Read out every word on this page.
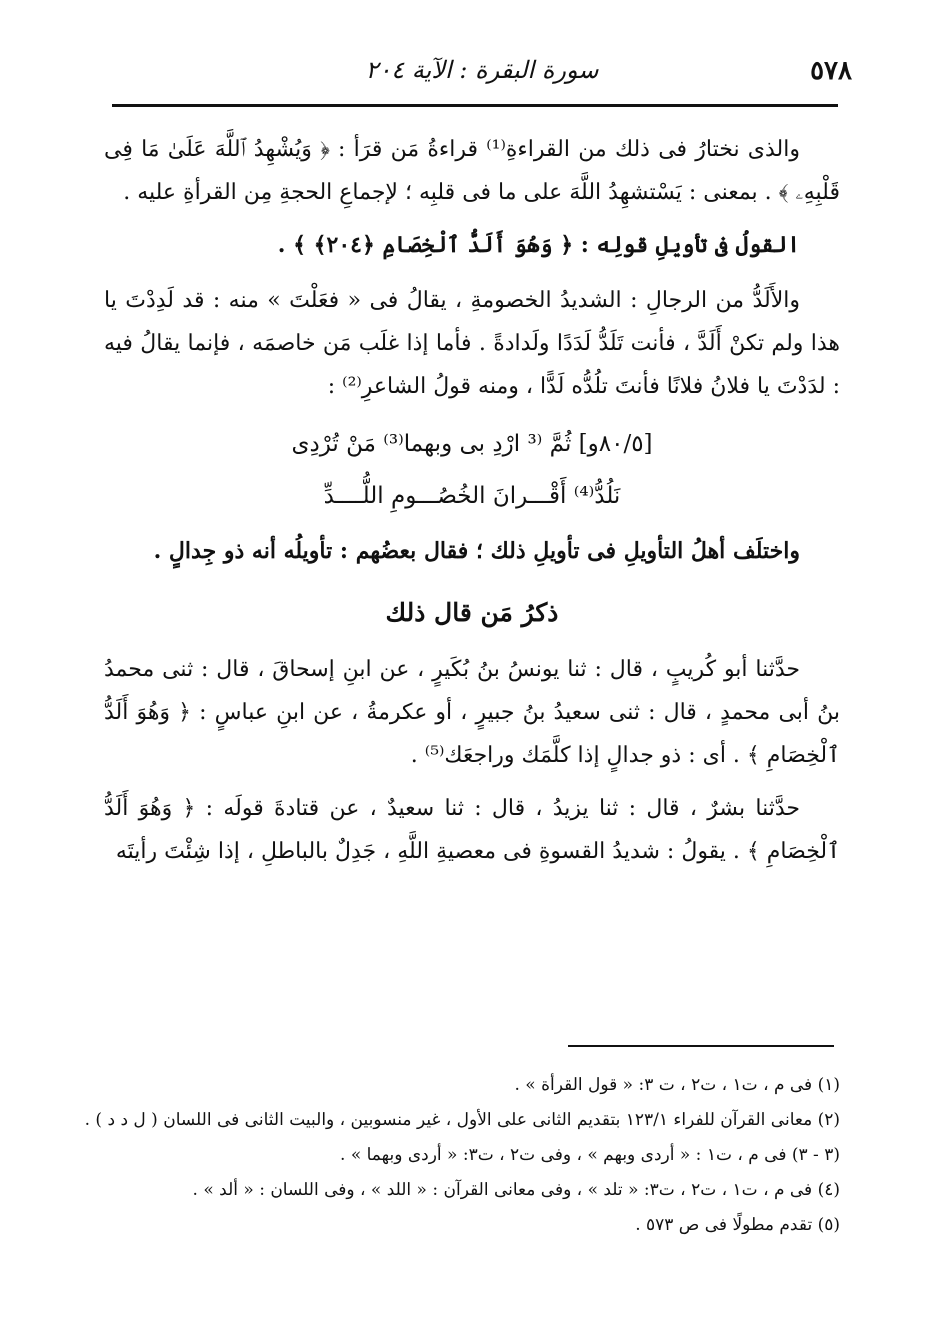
٥٧٨
سورة البقرة : الآية ٢٠٤

والذى نختارُ فى ذلك من القراءةِ⁽¹⁾ قراءةُ مَن قرَأ : ﴿ وَيُشْهِدُ ٱللَّهَ عَلَىٰ مَا فِى قَلْبِهِۦ ﴾ . بمعنى : يَسْتشهِدُ اللَّهَ على ما فى قلبِه ؛ لإجماعِ الحجةِ مِن القرأةِ عليه .

القولُ فى تأويلِ قولِه : ﴿ وَهُوَ أَلَدُّ ٱلْخِصَامِ ﴿٢٠٤﴾ ﴾ .

والأَلَدُّ من الرجالِ : الشديدُ الخصومةِ ، يقالُ فى « فعَلْتَ » منه : قد لَدِدْتَ يا هذا ولم تكنْ أَلَدَّ ، فأنت تَلَدُّ لَدَدًا ولَدادةً . فأما إذا غلَب مَن خاصمَه ، فإنما يقالُ فيه : لدَدْتَ يا فلانُ فلانًا فأنتَ تلُدُّه لَدًّا ، ومنه قولُ الشاعرِ⁽²⁾ :

[٨٠/٥و] ثُمَّ ⁽³ ارْدِ بى وبهما⁽³⁾ مَنْ تُرْدِى
نَلُدُّ⁽⁴⁾ أَقْـــرانَ الخُصُـــومِ اللُّــــدِّ

واختلَف أهلُ التأويلِ فى تأويلِ ذلك ؛ فقال بعضُهم : تأويلُه أنه ذو جِدالٍ .

ذكرُ مَن قال ذلك

حدَّثنا أبو كُريبٍ ، قال : ثنا يونسُ بنُ بُكَيرٍ ، عن ابنِ إسحاقَ ، قال : ثنى محمدُ بنُ أبى محمدٍ ، قال : ثنى سعيدُ بنُ جبيرٍ ، أو عكرمةُ ، عن ابنِ عباسٍ : ﴿ وَهُوَ أَلَدُّ ٱلْخِصَامِ ﴾ . أى : ذو جدالٍ إذا كلَّمَك وراجعَك⁽⁵⁾ .

حدَّثنا بشرٌ ، قال : ثنا يزيدُ ، قال : ثنا سعيدٌ ، عن قتادةَ قولَه : ﴿ وَهُوَ أَلَدُّ ٱلْخِصَامِ ﴾ . يقولُ : شديدُ القسوةِ فى معصيةِ اللَّهِ ، جَدِلٌ بالباطلِ ، إذا شِئْتَ رأيتَه

(١) فى م ، ت١ ، ت٢ ، ت ٣: « قول القرأة » .
(٢) معانى القرآن للفراء ١٢٣/١ بتقديم الثانى على الأول ، غير منسوبين ، والبيت الثانى فى اللسان ( ل د د ) .
(٣ - ٣) فى م ، ت١ : « أردى وبهم » ، وفى ت٢ ، ت٣: « أردى وبهما » .
(٤) فى م ، ت١ ، ت٢ ، ت٣: « تلد » ، وفى معانى القرآن : « اللد » ، وفى اللسان : « ألد » .
(٥) تقدم مطولًا فى ص ٥٧٣ .
